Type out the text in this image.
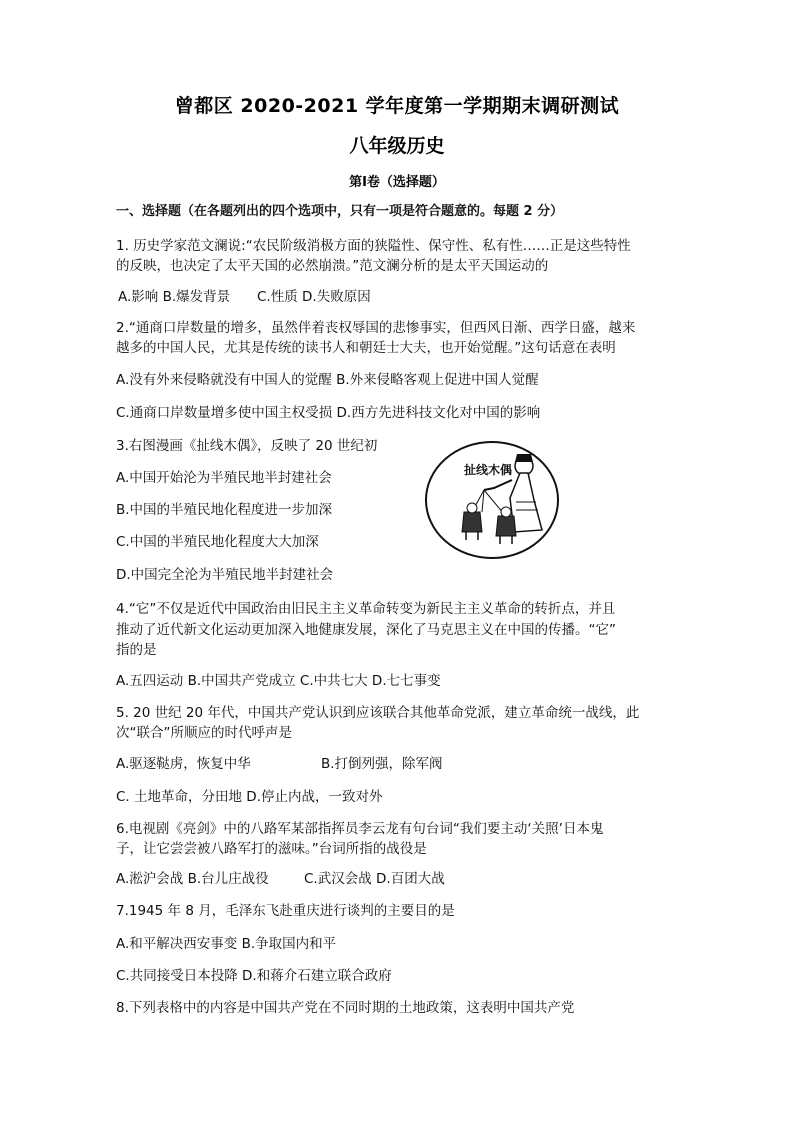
曾都区 2020-2021 学年度第一学期期末调研测试
八年级历史
第Ⅰ卷（选择题）
一、选择题（在各题列出的四个选项中，只有一项是符合题意的。每题 2 分）
1. 历史学家范文澜说:“农民阶级消极方面的狭隘性、保守性、私有性……正是这些特性
的反映，也决定了太平天国的必然崩溃。”范文澜分析的是太平天国运动的
A.影响 B.爆发背景 C.性质 D.失败原因
2.“通商口岸数量的增多，虽然伴着丧权辱国的悲惨事实，但西风日渐、西学日盛，越来
越多的中国人民，尤其是传统的读书人和朝廷士大夫，也开始觉醒。”这句话意在表明
A.没有外来侵略就没有中国人的觉醒 B.外来侵略客观上促进中国人觉醒
C.通商口岸数量增多使中国主权受损 D.西方先进科技文化对中国的影响
3.右图漫画《扯线木偶》，反映了 20 世纪初
A.中国开始沦为半殖民地半封建社会
B.中国的半殖民地化程度进一步加深
C.中国的半殖民地化程度大大加深
D.中国完全沦为半殖民地半封建社会
扯线木偶
4.“它”不仅是近代中国政治由旧民主主义革命转变为新民主主义革命的转折点，并且
推动了近代新文化运动更加深入地健康发展，深化了马克思主义在中国的传播。“它”
指的是
A.五四运动 B.中国共产党成立 C.中共七大 D.七七事变
5. 20 世纪 20 年代，中国共产党认识到应该联合其他革命党派，建立革命统一战线，此
次“联合”所顺应的时代呼声是
A.驱逐鞑虏，恢复中华	B.打倒列强，除军阀
C. 土地革命，分田地 D.停止内战，一致对外
6.电视剧《亮剑》中的八路军某部指挥员李云龙有句台词“我们要主动‘关照’日本鬼
子，让它尝尝被八路军打的滋味。”台词所指的战役是
A.淞沪会战 B.台儿庄战役	C.武汉会战 D.百团大战
7.1945 年 8 月，毛泽东飞赴重庆进行谈判的主要目的是
A.和平解决西安事变 B.争取国内和平
C.共同接受日本投降 D.和蒋介石建立联合政府
8.下列表格中的内容是中国共产党在不同时期的土地政策，这表明中国共产党
